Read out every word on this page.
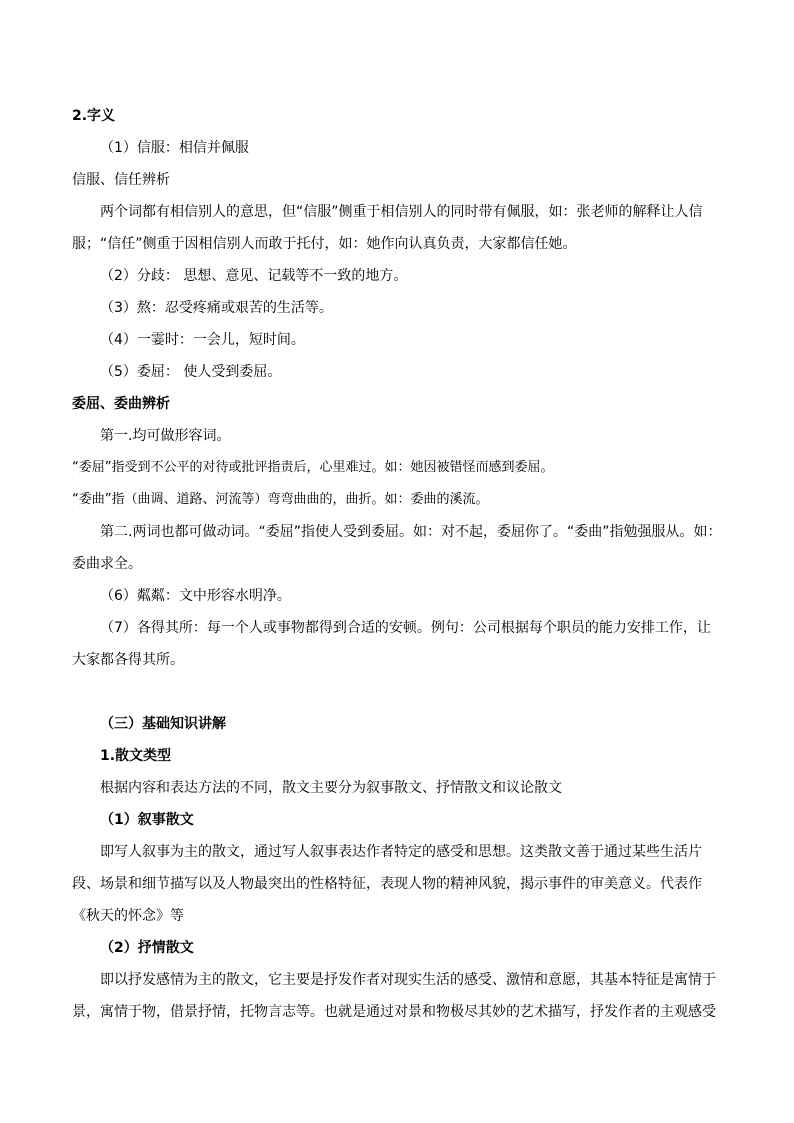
2.字义
（1）信服：相信并佩服
信服、信任辨析
两个词都有相信别人的意思，但“信服”侧重于相信别人的同时带有佩服，如：张老师的解释让人信服；“信任”侧重于因相信别人而敢于托付，如：她作向认真负责，大家都信任她。
（2）分歧： 思想、意见、记载等不一致的地方。
（3）熬：忍受疼痛或艰苦的生活等。
（4）一霎时：一会儿，短时间。
（5）委屈： 使人受到委屈。
委屈、委曲辨析
第一.均可做形容词。
“委屈”指受到不公平的对待或批评指责后，心里难过。如：她因被错怪而感到委屈。
“委曲”指（曲调、道路、河流等）弯弯曲曲的，曲折。如：委曲的溪流。
第二.两词也都可做动词。“委屈”指使人受到委屈。如：对不起，委屈你了。“委曲”指勉强服从。如：委曲求全。
（6）粼粼：文中形容水明净。
（7）各得其所：每一个人或事物都得到合适的安顿。例句：公司根据每个职员的能力安排工作，让大家都各得其所。
（三）基础知识讲解
1.散文类型
根据内容和表达方法的不同，散文主要分为叙事散文、抒情散文和议论散文
（1）叙事散文
即写人叙事为主的散文，通过写人叙事表达作者特定的感受和思想。这类散文善于通过某些生活片段、场景和细节描写以及人物最突出的性格特征，表现人物的精神风貌，揭示事件的审美意义。代表作《秋天的怀念》等
（2）抒情散文
即以抒发感情为主的散文，它主要是抒发作者对现实生活的感受、激情和意愿，其基本特征是寓情于景，寓情于物，借景抒情，托物言志等。也就是通过对景和物极尽其妙的艺术描写，抒发作者的主观感受
